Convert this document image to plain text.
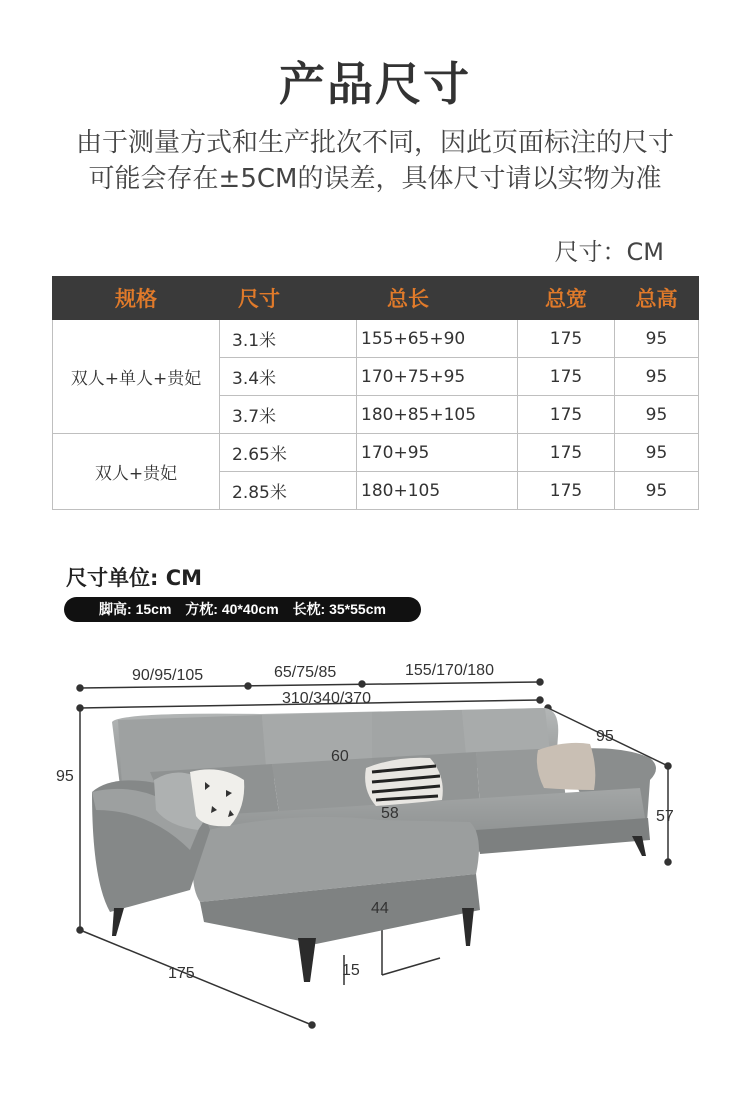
产品尺寸
由于测量方式和生产批次不同，因此页面标注的尺寸
可能会存在±5CM的误差，具体尺寸请以实物为准
尺寸：CM
规格	尺寸	总长	总宽	总高
双人+单人+贵妃	3.1米	155+65+90	175	95
	3.4米	170+75+95	175	95
	3.7米	180+85+105	175	95
双人+贵妃	2.65米	170+95	175	95
	2.85米	180+105	175	95
尺寸单位: CM
脚高: 15cm 方枕: 40*40cm 长枕: 35*55cm
90/95/105	65/75/85	155/170/180
310/340/370
95
95
60
58	57
44
15
175
